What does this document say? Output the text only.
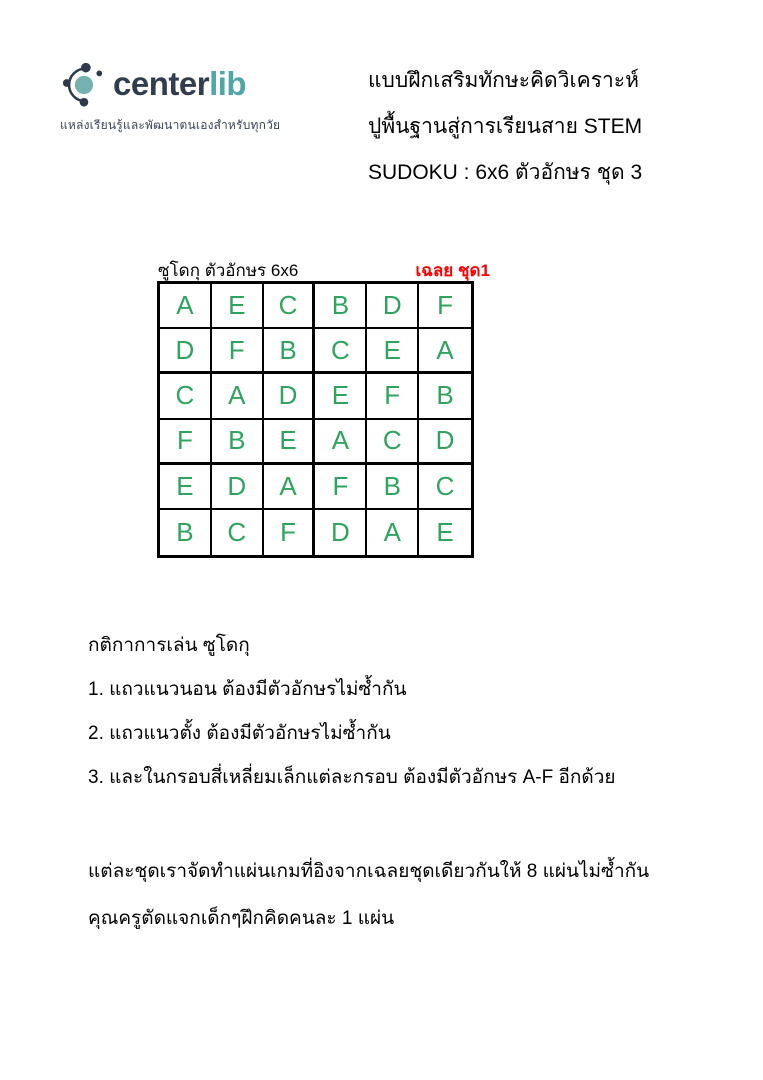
centerlib
แหล่งเรียนรู้และพัฒนาตนเองสำหรับทุกวัย
แบบฝึกเสริมทักษะคิดวิเคราะห์
ปูพื้นฐานสู่การเรียนสาย STEM
SUDOKU : 6x6 ตัวอักษร ชุด 3
ซูโดกุ ตัวอักษร 6x6	เฉลย ชุด1
A	E	C	B	D	F
D	F	B	C	E	A
C	A	D	E	F	B
F	B	E	A	C	D
E	D	A	F	B	C
B	C	F	D	A	E
กติกาการเล่น ซูโดกุ
1. แถวแนวนอน ต้องมีตัวอักษรไม่ซ้ำกัน
2. แถวแนวตั้ง ต้องมีตัวอักษรไม่ซ้ำกัน
3. และในกรอบสี่เหลี่ยมเล็กแต่ละกรอบ ต้องมีตัวอักษร A-F อีกด้วย
แต่ละชุดเราจัดทำแผ่นเกมที่อิงจากเฉลยชุดเดียวกันให้ 8 แผ่นไม่ซ้ำกัน
คุณครูตัดแจกเด็กๆฝึกคิดคนละ 1 แผ่น
